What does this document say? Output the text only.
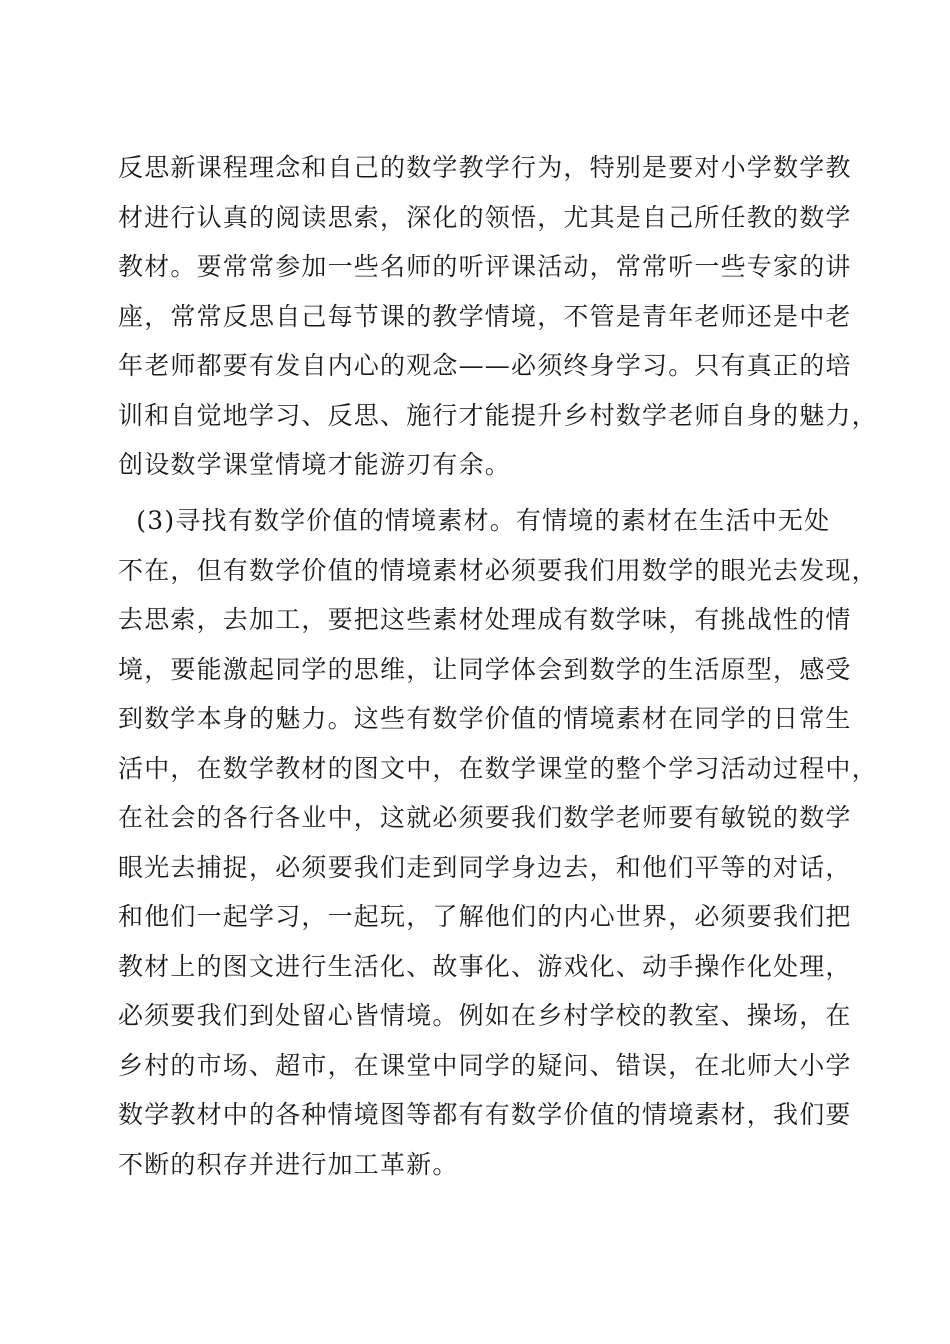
反思新课程理念和自己的数学教学行为，特别是要对小学数学教
材进行认真的阅读思索，深化的领悟，尤其是自己所任教的数学
教材。要常常参加一些名师的听评课活动，常常听一些专家的讲
座，常常反思自己每节课的教学情境，不管是青年老师还是中老
年老师都要有发自内心的观念——必须终身学习。只有真正的培
训和自觉地学习、反思、施行才能提升乡村数学老师自身的魅力，
创设数学课堂情境才能游刃有余。
(3)寻找有数学价值的情境素材。有情境的素材在生活中无处
不在，但有数学价值的情境素材必须要我们用数学的眼光去发现，
去思索，去加工，要把这些素材处理成有数学味，有挑战性的情
境，要能激起同学的思维，让同学体会到数学的生活原型，感受
到数学本身的魅力。这些有数学价值的情境素材在同学的日常生
活中，在数学教材的图文中，在数学课堂的整个学习活动过程中，
在社会的各行各业中，这就必须要我们数学老师要有敏锐的数学
眼光去捕捉，必须要我们走到同学身边去，和他们平等的对话，
和他们一起学习，一起玩，了解他们的内心世界，必须要我们把
教材上的图文进行生活化、故事化、游戏化、动手操作化处理，
必须要我们到处留心皆情境。例如在乡村学校的教室、操场，在
乡村的市场、超市，在课堂中同学的疑问、错误，在北师大小学
数学教材中的各种情境图等都有有数学价值的情境素材，我们要
不断的积存并进行加工革新。
